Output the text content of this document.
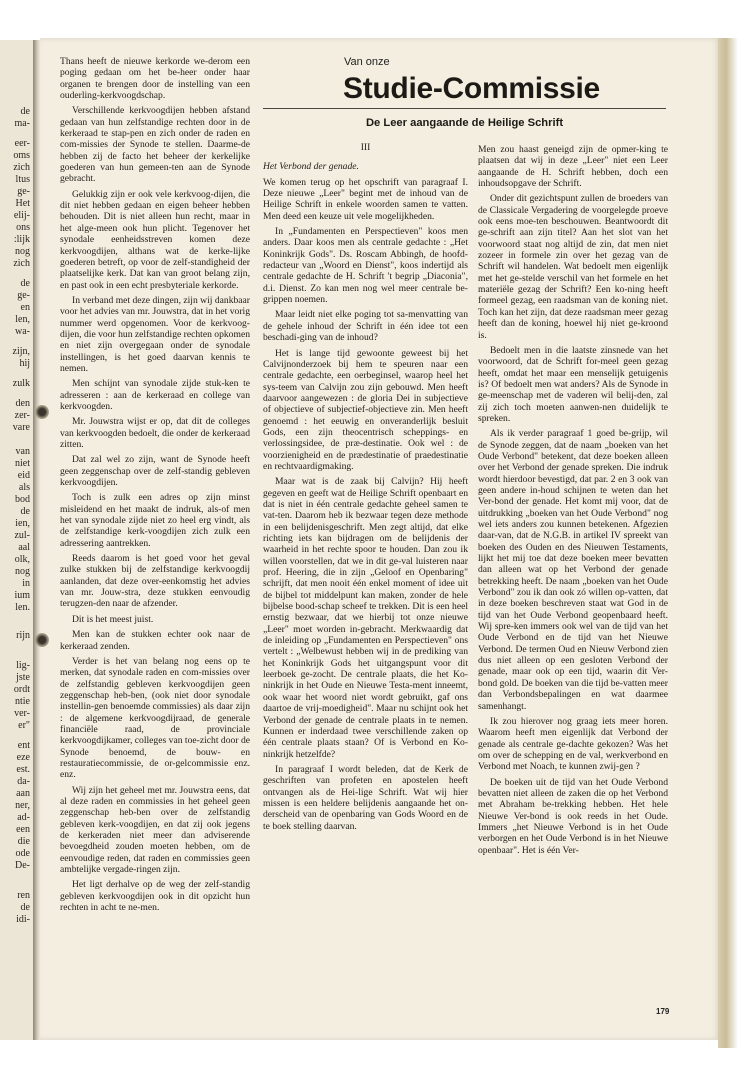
de
ma-
eer-
oms
zich
ltus
ge-
Het
elij-
ons
:lijk
nog
zich
de
ge-
en
len,
wa-
zijn,
hij
zulk
den
zer-
vare
van
niet
eid
als
bod
de
ien,
zul-
aal
olk,
nog
in
ium
len.
rijn
lig-
jste
ordt
ntie
ver-
er"
ent
eze
est.
da-
aan
ner,
ad-
een
die
ode
De-
ren
de
idi-

Thans heeft de nieuwe kerkorde we-derom een poging gedaan om het be-heer onder haar organen te brengen door de instelling van een ouderling-kerkvoogdschap.

Verschillende kerkvoogdijen hebben afstand gedaan van hun zelfstandige rechten door in de kerkeraad te stap-pen en zich onder de raden en com-missies der Synode te stellen. Daarme-de hebben zij de facto het beheer der kerkelijke goederen van hun gemeen-ten aan de Synode gebracht.

Gelukkig zijn er ook vele kerkvoog-dijen, die dit niet hebben gedaan en eigen beheer hebben behouden. Dit is niet alleen hun recht, maar in het alge-meen ook hun plicht. Tegenover het synodale eenheidsstreven komen deze kerkvoogdijen, althans wat de kerke-lijke goederen betreft, op voor de zelf-standigheid der plaatselijke kerk. Dat kan van groot belang zijn, en past ook in een echt presbyteriale kerkorde.

In verband met deze dingen, zijn wij dankbaar voor het advies van mr. Jouwstra, dat in het vorig nummer werd opgenomen. Voor de kerkvoog-dijen, die voor hun zelfstandige rechten opkomen en niet zijn overgegaan onder de synodale instellingen, is het goed daarvan kennis te nemen.

Men schijnt van synodale zijde stuk-ken te adresseren : aan de kerkeraad en college van kerkvoogden.

Mr. Jouwstra wijst er op, dat dit de colleges van kerkvoogden bedoelt, die onder de kerkeraad zitten.

Dat zal wel zo zijn, want de Synode heeft geen zeggenschap over de zelf-standig gebleven kerkvoogdijen.

Toch is zulk een adres op zijn minst misleidend en het maakt de indruk, als-of men het van synodale zijde niet zo heel erg vindt, als de zelfstandige kerk-voogdijen zich zulk een adressering aantrekken.

Reeds daarom is het goed voor het geval zulke stukken bij de zelfstandige kerkvoogdij aanlanden, dat deze over-eenkomstig het advies van mr. Jouw-stra, deze stukken eenvoudig terugzen-den naar de afzender.

Dit is het meest juist.

Men kan de stukken echter ook naar de kerkeraad zenden.

Verder is het van belang nog eens op te merken, dat synodale raden en com-missies over de zelfstandig gebleven kerkvoogdijen geen zeggenschap heb-ben, (ook niet door synodale instellin-gen benoemde commissies) als daar zijn : de algemene kerkvoogdijraad, de generale financiële raad, de provinciale kerkvoogdijkamer, colleges van toe-zicht door de Synode benoemd, de bouw- en restauratiecommissie, de or-gelcommissie enz. enz.

Wij zijn het geheel met mr. Jouwstra eens, dat al deze raden en commissies in het geheel geen zeggenschap heb-ben over de zelfstandig gebleven kerk-voogdijen, en dat zij ook jegens de kerkeraden niet meer dan adviserende bevoegdheid zouden moeten hebben, om de eenvoudige reden, dat raden en commissies geen ambtelijke vergade-ringen zijn.

Het ligt derhalve op de weg der zelf-standig gebleven kerkvoogdijen ook in dit opzicht hun rechten in acht te ne-men.

Van onze
Studie-Commissie
De Leer aangaande de Heilige Schrift
III

Het Verbond der genade.

We komen terug op het opschrift van paragraaf I. Deze nieuwe „Leer" begint met de inhoud van de Heilige Schrift in enkele woorden samen te vatten. Men deed een keuze uit vele mogelijkheden.

In „Fundamenten en Perspectieven" koos men anders. Daar koos men als centrale gedachte : „Het Koninkrijk Gods". Ds. Roscam Abbingh, de hoofd-redacteur van „Woord en Dienst", koos indertijd als centrale gedachte de H. Schrift 't begrip „Diaconia", d.i. Dienst. Zo kan men nog wel meer centrale be-grippen noemen.

Maar leidt niet elke poging tot sa-menvatting van de gehele inhoud der Schrift in één idee tot een beschadi-ging van de inhoud?

Het is lange tijd gewoonte geweest bij het Calvijnonderzoek bij hem te speuren naar een centrale gedachte, een oerbeginsel, waarop heel het sys-teem van Calvijn zou zijn gebouwd. Men heeft daarvoor aangewezen : de gloria Dei in subjectieve of objectieve of subjectief-objectieve zin. Men heeft genoemd : het eeuwig en onveranderlijk besluit Gods, een zijn theocentrisch scheppings- en verlossingsidee, de præ-destinatie. Ook wel : de voorzienigheid en de prædestinatie of praedestinatie en rechtvaardigmaking.

Maar wat is de zaak bij Calvijn? Hij heeft gegeven en geeft wat de Heilige Schrift openbaart en dat is niet in één centrale gedachte geheel samen te vat-ten. Daarom heb ik bezwaar tegen deze methode in een belijdenisgeschrift. Men zegt altijd, dat elke richting iets kan bijdragen om de belijdenis der waarheid in het rechte spoor te houden. Dan zou ik willen voorstellen, dat we in dit ge-val luisteren naar prof. Heering, die in zijn „Geloof en Openbaring" schrijft, dat men nooit één enkel moment of idee uit de bijbel tot middelpunt kan maken, zonder de hele bijbelse bood-schap scheef te trekken. Dit is een heel ernstig bezwaar, dat we hierbij tot onze nieuwe „Leer" moet worden in-gebracht. Merkwaardig dat de inleiding op „Fundamenten en Perspectieven" ons vertelt : „Welbewust hebben wij in de prediking van het Koninkrijk Gods het uitgangspunt voor dit leerboek ge-zocht. De centrale plaats, die het Ko-ninkrijk in het Oude en Nieuwe Testa-ment inneemt, ook waar het woord niet wordt gebruikt, gaf ons daartoe de vrij-moedigheid". Maar nu schijnt ook het Verbond der genade de centrale plaats in te nemen. Kunnen er inderdaad twee verschillende zaken op één centrale plaats staan? Of is Verbond en Ko-ninkrijk hetzelfde?

In paragraaf I wordt beleden, dat de Kerk de geschriften van profeten en apostelen heeft ontvangen als de Hei-lige Schrift. Wat wij hier missen is een heldere belijdenis aangaande het on-derscheid van de openbaring van Gods Woord en de te boek stelling daarvan.

Men zou haast geneigd zijn de opmer-king te plaatsen dat wij in deze „Leer" niet een Leer aangaande de H. Schrift hebben, doch een inhoudsopgave der Schrift.

Onder dit gezichtspunt zullen de broeders van de Classicale Vergadering de voorgelegde proeve ook eens moe-ten beschouwen. Beantwoordt dit ge-schrift aan zijn titel? Aan het slot van het voorwoord staat nog altijd de zin, dat men niet zozeer in formele zin over het gezag van de Schrift wil handelen. Wat bedoelt men eigenlijk met het ge-stelde verschil van het formele en het materiële gezag der Schrift? Een ko-ning heeft formeel gezag, een raadsman van de koning niet. Toch kan het zijn, dat deze raadsman meer gezag heeft dan de koning, hoewel hij niet ge-kroond is.

Bedoelt men in die laatste zinsnede van het voorwoord, dat de Schrift for-meel geen gezag heeft, omdat het maar een menselijk getuigenis is? Of bedoelt men wat anders? Als de Synode in ge-meenschap met de vaderen wil belij-den, zal zij zich toch moeten aanwen-nen duidelijk te spreken.

Als ik verder paragraaf 1 goed be-grijp, wil de Synode zeggen, dat de naam „boeken van het Oude Verbond" betekent, dat deze boeken alleen over het Verbond der genade spreken. Die indruk wordt hierdoor bevestigd, dat par. 2 en 3 ook van geen andere in-houd schijnen te weten dan het Ver-bond der genade. Het komt mij voor, dat de uitdrukking „boeken van het Oude Verbond" nog wel iets anders zou kunnen betekenen. Afgezien daar-van, dat de N.G.B. in artikel IV spreekt van boeken des Ouden en des Nieuwen Testaments, lijkt het mij toe dat deze boeken meer bevatten dan alleen wat op het Verbond der genade betrekking heeft. De naam „boeken van het Oude Verbond" zou ik dan ook zó willen op-vatten, dat in deze boeken beschreven staat wat God in de tijd van het Oude Verbond geopenbaard heeft. Wij spre-ken immers ook wel van de tijd van het Oude Verbond en de tijd van het Nieuwe Verbond. De termen Oud en Nieuw Verbond zien dus niet alleen op een gesloten Verbond der genade, maar ook op een tijd, waarin dit Ver-bond gold. De boeken van die tijd be-vatten meer dan Verbondsbepalingen en wat daarmee samenhangt.

Ik zou hierover nog graag iets meer horen. Waarom heeft men eigenlijk dat Verbond der genade als centrale ge-dachte gekozen? Was het om over de schepping en de val, werkverbond en Verbond met Noach, te kunnen zwij-gen ?

De boeken uit de tijd van het Oude Verbond bevatten niet alleen de zaken die op het Verbond met Abraham be-trekking hebben. Het hele Nieuwe Ver-bond is ook reeds in het Oude. Immers „het Nieuwe Verbond is in het Oude verborgen en het Oude Verbond is in het Nieuwe openbaar". Het is één Ver-

179
